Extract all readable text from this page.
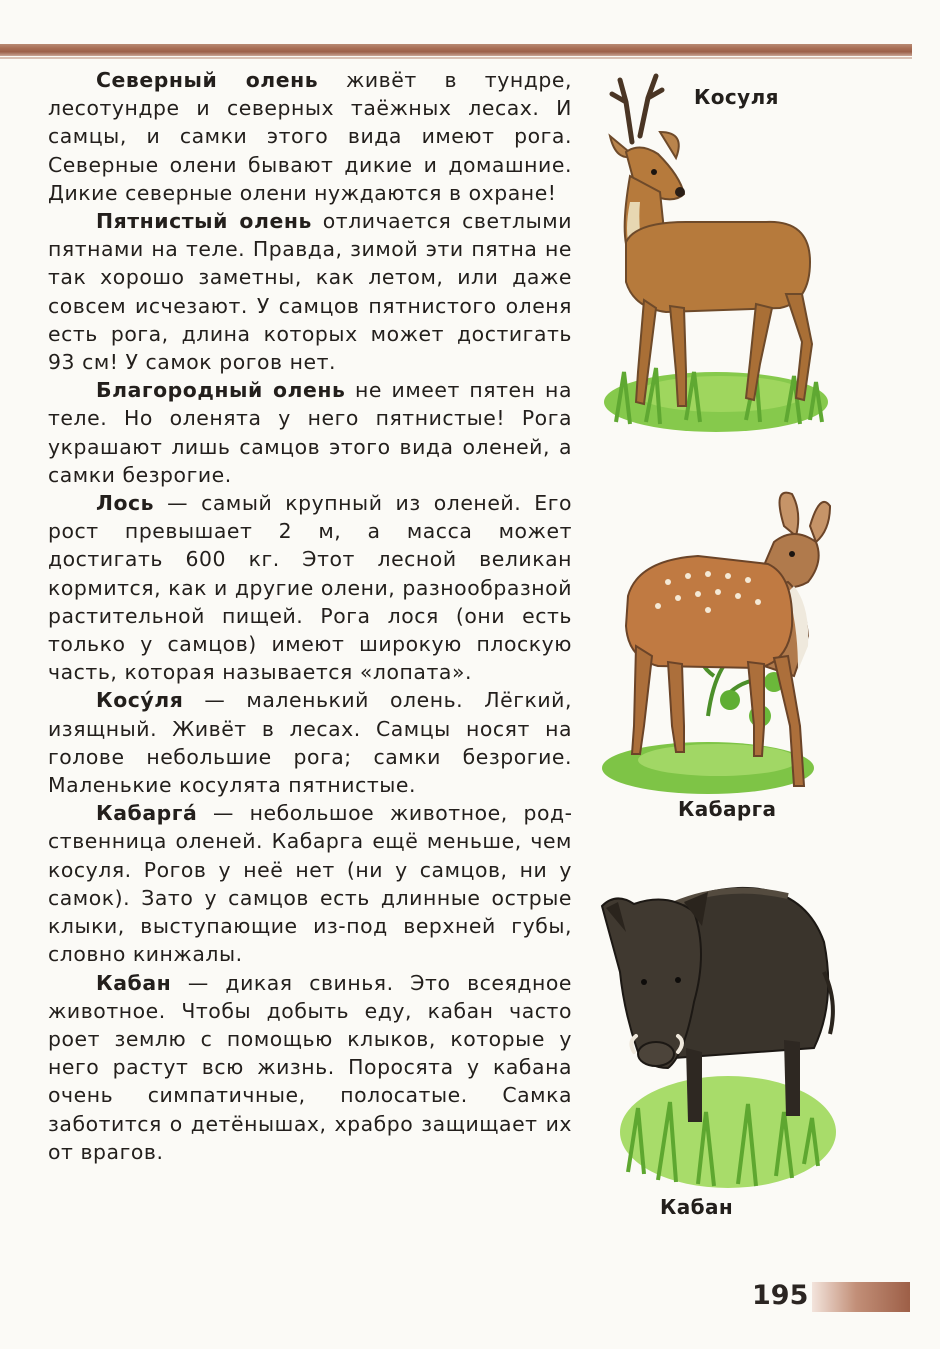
Северный олень живёт в тундре, лесотундре и северных таёжных лесах. И самцы, и самки этого вида имеют рога. Северные олени бывают дикие и домашние. Дикие северные олени нуждаются в охране!

Пятнистый олень отличается светлыми пятнами на теле. Правда, зимой эти пятна не так хорошо заметны, как летом, или даже совсем исчезают. У самцов пятнистого оленя есть рога, длина которых может достигать 93 см! У самок рогов нет.

Благородный олень не имеет пятен на теле. Но оленята у него пятнистые! Рога украшают лишь самцов этого вида оленей, а самки безрогие.

Лось — самый крупный из оленей. Его рост превышает 2 м, а масса может достигать 600 кг. Этот лесной великан кормится, как и другие олени, разнообразной растительной пищей. Рога лося (они есть только у самцов) имеют широкую плоскую часть, которая называется «лопата».

Косу́ля — маленький олень. Лёгкий, изящный. Живёт в лесах. Самцы носят на голове небольшие рога; самки безрогие. Маленькие косулята пятнистые.

Кабарга́ — небольшое животное, родственница оленей. Кабарга ещё меньше, чем косуля. Рогов у неё нет (ни у самцов, ни у самок). Зато у самцов есть длинные острые клыки, выступающие из-под верхней губы, словно кинжалы.

Кабан — дикая свинья. Это всеядное животное. Чтобы добыть еду, кабан часто роет землю с помощью клыков, которые у него растут всю жизнь. Поросята у кабана очень симпатичные, полосатые. Самка заботится о детёнышах, храбро защищает их от врагов.

Косуля
Кабарга
Кабан
195
